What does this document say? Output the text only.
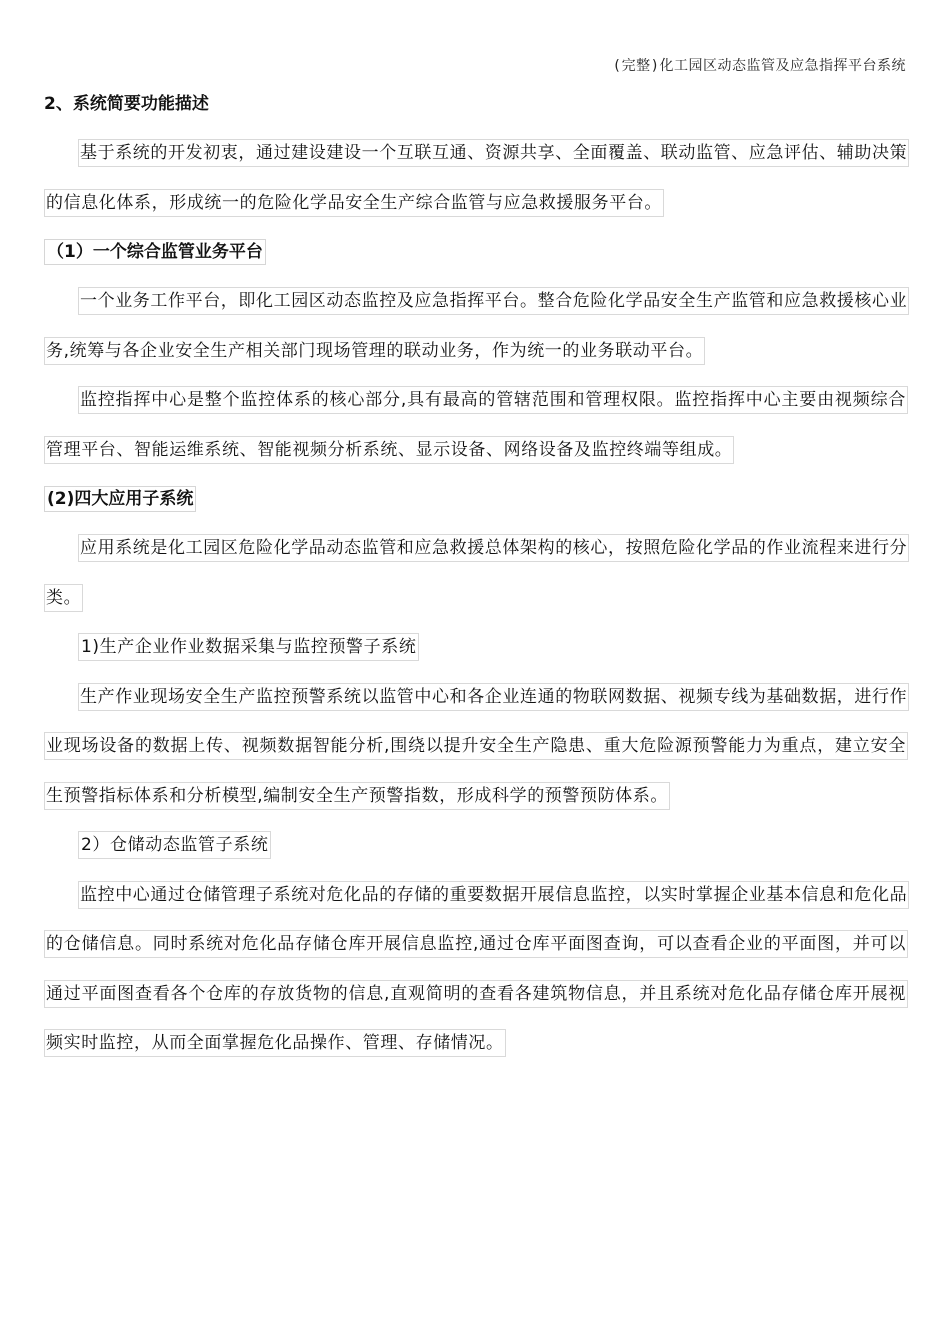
(完整)化工园区动态监管及应急指挥平台系统
2、系统简要功能描述

基于系统的开发初衷，通过建设建设一个互联互通、资源共享、全面覆盖、联动监管、应急评估、辅助决策的信息化体系，形成统一的危险化学品安全生产综合监管与应急救援服务平台。

（1）一个综合监管业务平台

一个业务工作平台，即化工园区动态监控及应急指挥平台。整合危险化学品安全生产监管和应急救援核心业务,统筹与各企业安全生产相关部门现场管理的联动业务，作为统一的业务联动平台。

监控指挥中心是整个监控体系的核心部分,具有最高的管辖范围和管理权限。监控指挥中心主要由视频综合管理平台、智能运维系统、智能视频分析系统、显示设备、网络设备及监控终端等组成。

(2)四大应用子系统

应用系统是化工园区危险化学品动态监管和应急救援总体架构的核心，按照危险化学品的作业流程来进行分类。

1)生产企业作业数据采集与监控预警子系统

生产作业现场安全生产监控预警系统以监管中心和各企业连通的物联网数据、视频专线为基础数据，进行作业现场设备的数据上传、视频数据智能分析,围绕以提升安全生产隐患、重大危险源预警能力为重点，建立安全生预警指标体系和分析模型,编制安全生产预警指数，形成科学的预警预防体系。

2）仓储动态监管子系统

监控中心通过仓储管理子系统对危化品的存储的重要数据开展信息监控，以实时掌握企业基本信息和危化品的仓储信息。同时系统对危化品存储仓库开展信息监控,通过仓库平面图查询，可以查看企业的平面图，并可以通过平面图查看各个仓库的存放货物的信息,直观简明的查看各建筑物信息，并且系统对危化品存储仓库开展视频实时监控，从而全面掌握危化品操作、管理、存储情况。
